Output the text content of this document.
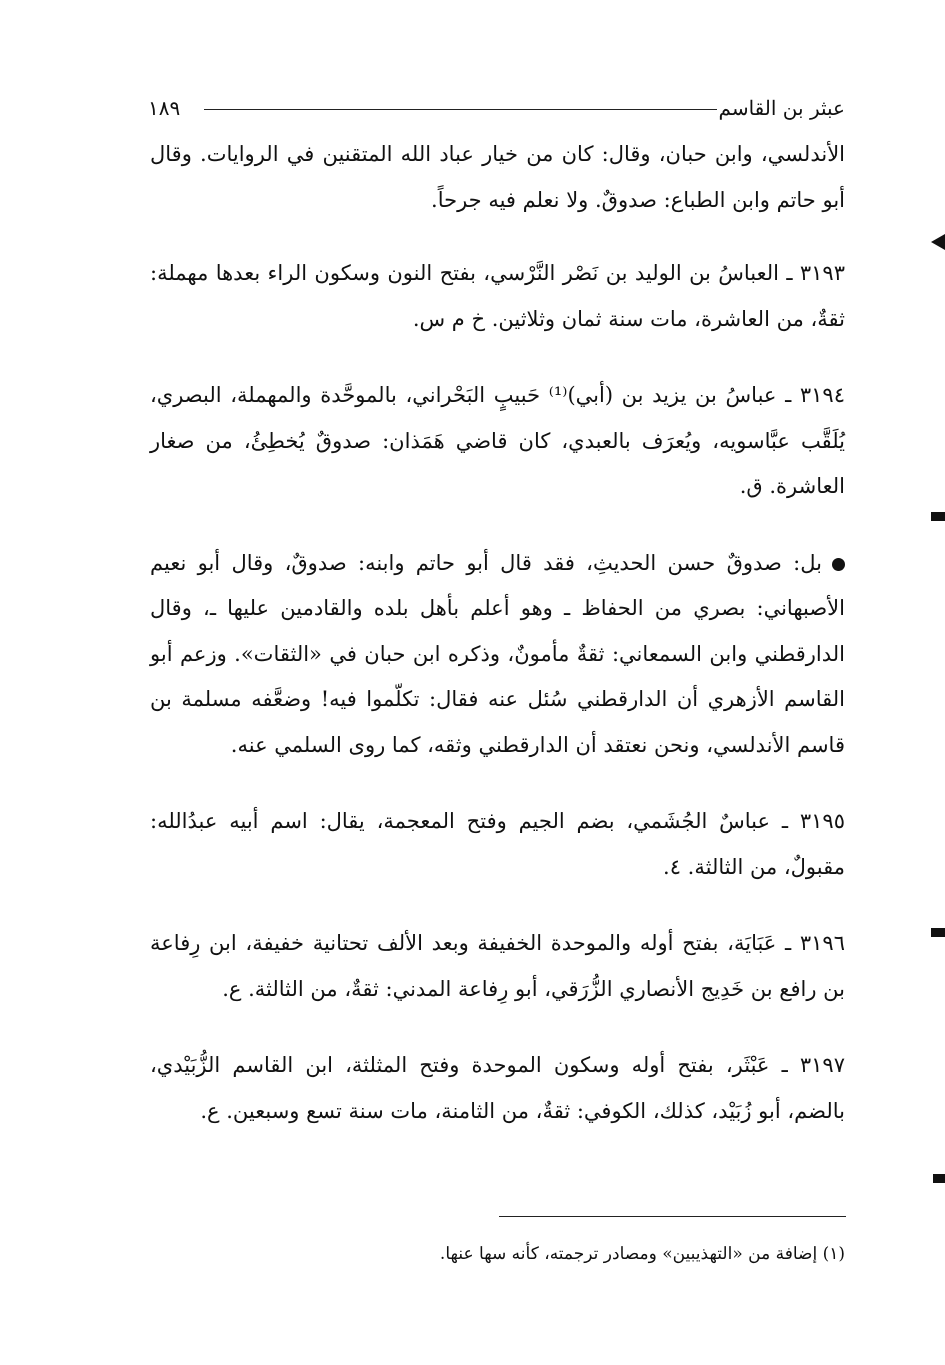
عبثر بن القاسم
١٨٩

الأندلسي، وابن حبان، وقال: كان من خيار عباد الله المتقنين في الروايات. وقال أبو حاتم وابن الطباع: صدوقٌ. ولا نعلم فيه جرحاً.

٣١٩٣ ـ العباسُ بن الوليد بن نَصْر النَّرْسي، بفتح النون وسكون الراء بعدها مهملة: ثقةٌ، من العاشرة، مات سنة ثمان وثلاثين. خ م س.

٣١٩٤ ـ عباسُ بن يزيد بن (أبي)⁽¹⁾ حَبيبٍ البَحْراني، بالموحَّدة والمهملة، البصري، يُلَقَّب عبَّاسويه، ويُعرَف بالعبدي، كان قاضي هَمَذان: صدوقٌ يُخطِئُ، من صغار العاشرة. ق.

بل: صدوقٌ حسن الحديثِ، فقد قال أبو حاتم وابنه: صدوقٌ، وقال أبو نعيم الأصبهاني: بصري من الحفاظ ـ وهو أعلم بأهل بلده والقادمين عليها ـ، وقال الدارقطني وابن السمعاني: ثقةٌ مأمونٌ، وذكره ابن حبان في «الثقات». وزعم أبو القاسم الأزهري أن الدارقطني سُئل عنه فقال: تكلّموا فيه! وضعَّفه مسلمة بن قاسم الأندلسي، ونحن نعتقد أن الدارقطني وثقه، كما روى السلمي عنه.

٣١٩٥ ـ عباسٌ الجُشَمي، بضم الجيم وفتح المعجمة، يقال: اسم أبيه عبدُالله: مقبولٌ، من الثالثة. ٤.

٣١٩٦ ـ عَبَايَة، بفتح أوله والموحدة الخفيفة وبعد الألف تحتانية خفيفة، ابن رِفاعة بن رافع بن خَدِيج الأنصاري الزُّرَقي، أبو رِفاعة المدني: ثقةٌ، من الثالثة. ع.

٣١٩٧ ـ عَبْثَر، بفتح أوله وسكون الموحدة وفتح المثلثة، ابن القاسم الزُّبَيْدي، بالضم، أبو زُبَيْد، كذلك، الكوفي: ثقةٌ، من الثامنة، مات سنة تسع وسبعين. ع.

(١) إضافة من «التهذيبين» ومصادر ترجمته، كأنه سها عنها.
